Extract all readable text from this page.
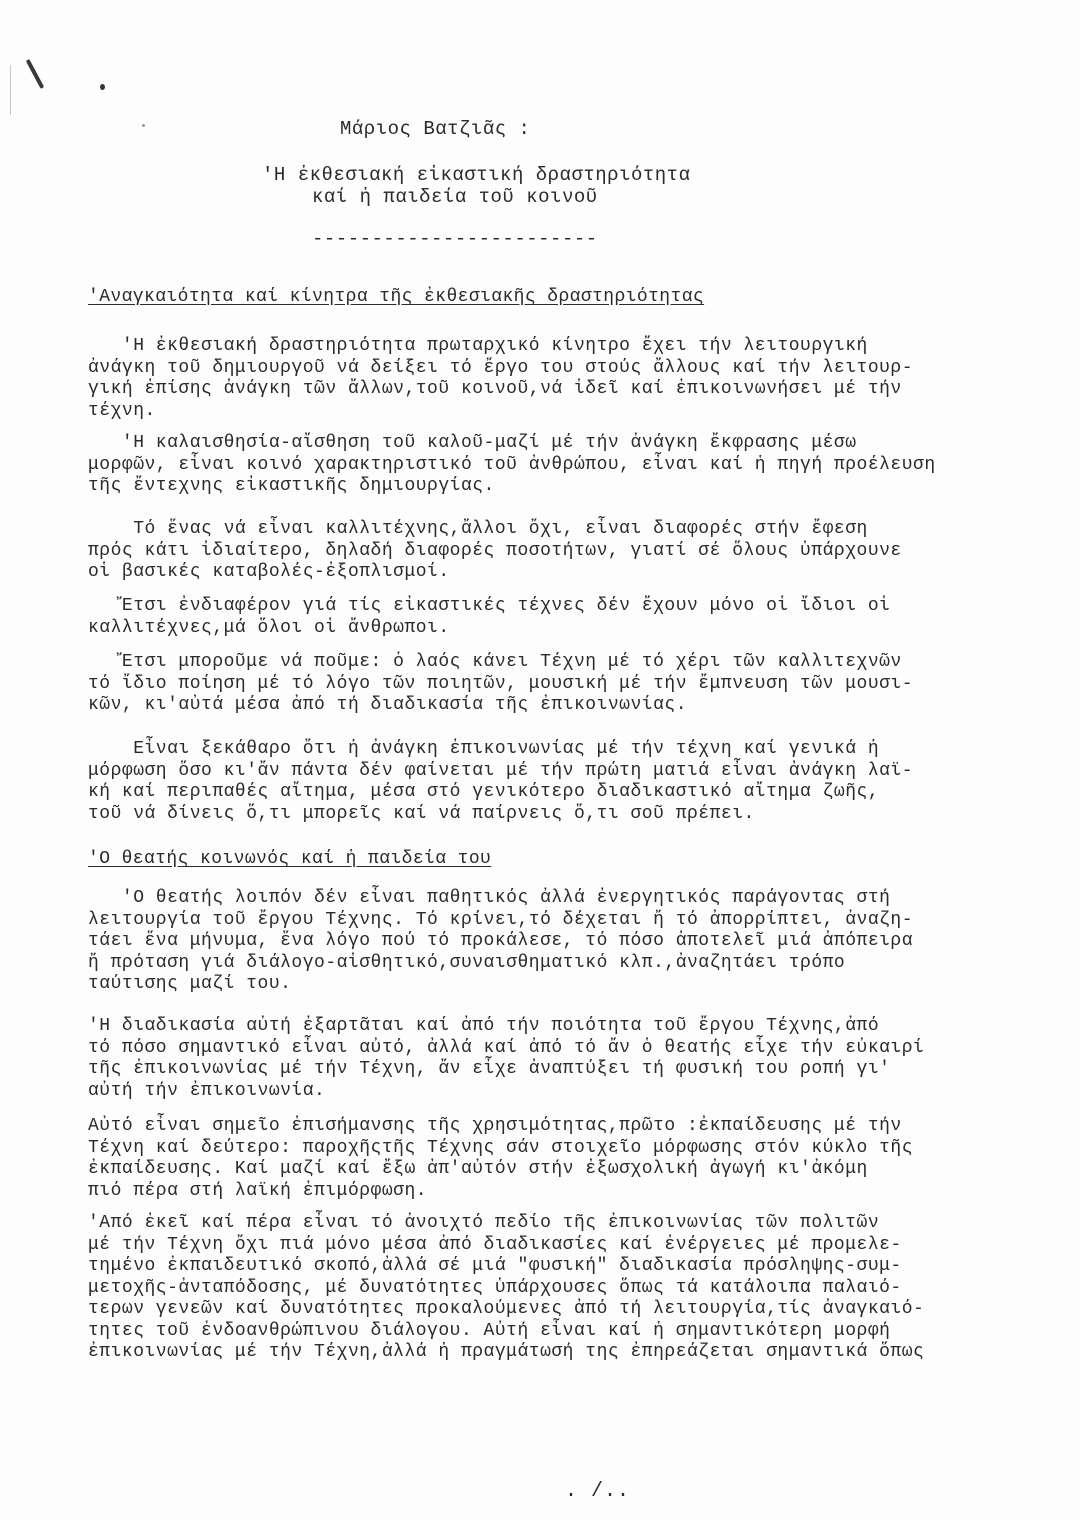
Μάριος Βατζιᾶς :
'Η ἐκθεσιακή εἰκαστική δραστηριότητα
καί ἡ παιδεία τοῦ κοινοῦ
------------------------
'Αναγκαιότητα καί κίνητρα τῆς ἐκθεσιακῆς δραστηριότητας
'Η ἐκθεσιακή δραστηριότητα πρωταρχικό κίνητρο ἔχει τήν λειτουργική
ἀνάγκη τοῦ δημιουργοῦ νά δείξει τό ἔργο του στούς ἄλλους καί τήν λειτουρ-
γική ἐπίσης ἀνάγκη τῶν ἄλλων,τοῦ κοινοῦ,νά ἰδεῖ καί ἐπικοινωνήσει μέ τήν
τέχνη.
'Η καλαισθησία-αἴσθηση τοῦ καλοῦ-μαζί μέ τήν ἀνάγκη ἔκφρασης μέσω
μορφῶν, εἶναι κοινό χαρακτηριστικό τοῦ ἀνθρώπου, εἶναι καί ἡ πηγή προέλευση
τῆς ἔντεχνης εἰκαστικῆς δημιουργίας.
Τό ἕνας νά εἶναι καλλιτέχνης,ἄλλοι ὄχι, εἶναι διαφορές στήν ἔφεση
πρός κάτι ἰδιαίτερο, δηλαδή διαφορές ποσοτήτων, γιατί σέ ὅλους ὑπάρχουνε
οἱ βασικές καταβολές-ἐξοπλισμοί.
Ἔτσι ἐνδιαφέρον γιά τίς εἰκαστικές τέχνες δέν ἔχουν μόνο οἱ ἴδιοι οἱ
καλλιτέχνες,μά ὅλοι οἱ ἄνθρωποι.
Ἔτσι μποροῦμε νά ποῦμε: ὁ λαός κάνει Τέχνη μέ τό χέρι τῶν καλλιτεχνῶν
τό ἴδιο ποίηση μέ τό λόγο τῶν ποιητῶν, μουσική μέ τήν ἔμπνευση τῶν μουσι-
κῶν, κι'αὐτά μέσα ἀπό τή διαδικασία τῆς ἐπικοινωνίας.
Εἶναι ξεκάθαρο ὅτι ἡ ἀνάγκη ἐπικοινωνίας μέ τήν τέχνη καί γενικά ἡ
μόρφωση ὅσο κι'ἄν πάντα δέν φαίνεται μέ τήν πρώτη ματιά εἶναι ἀνάγκη λαϊ-
κή καί περιπαθές αἴτημα, μέσα στό γενικότερο διαδικαστικό αἴτημα ζωῆς,
τοῦ νά δίνεις ὅ,τι μπορεῖς καί νά παίρνεις ὅ,τι σοῦ πρέπει.
'Ο θεατής κοινωνός καί ἡ παιδεία του
'Ο θεατής λοιπόν δέν εἶναι παθητικός ἀλλά ἐνεργητικός παράγοντας στή
λειτουργία τοῦ ἔργου Τέχνης. Τό κρίνει,τό δέχεται ἤ τό ἀπορρίπτει, ἀναζη-
τάει ἕνα μήνυμα, ἕνα λόγο πού τό προκάλεσε, τό πόσο ἀποτελεῖ μιά ἀπόπειρα
ἤ πρόταση γιά διάλογο-αἰσθητικό,συναισθηματικό κλπ.,ἀναζητάει τρόπο
ταύτισης μαζί του.
'Η διαδικασία αὐτή ἐξαρτᾶται καί ἀπό τήν ποιότητα τοῦ ἔργου Τέχνης,ἀπό
τό πόσο σημαντικό εἶναι αὐτό, ἀλλά καί ἀπό τό ἄν ὁ θεατής εἶχε τήν εὐκαιρί
τῆς ἐπικοινωνίας μέ τήν Τέχνη, ἄν εἶχε ἀναπτύξει τή φυσική του ροπή γι'
αὐτή τήν ἐπικοινωνία.
Αὐτό εἶναι σημεῖο ἐπισήμανσης τῆς χρησιμότητας,πρῶτο :ἐκπαίδευσης μέ τήν
Τέχνη καί δεύτερο: παροχῆςτῆς Τέχνης σάν στοιχεῖο μόρφωσης στόν κύκλο τῆς
ἐκπαίδευσης. Καί μαζί καί ἔξω ἀπ'αὐτόν στήν ἐξωσχολική ἀγωγή κι'ἀκόμη
πιό πέρα στή λαϊκή ἐπιμόρφωση.
'Από ἐκεῖ καί πέρα εἶναι τό ἀνοιχτό πεδίο τῆς ἐπικοινωνίας τῶν πολιτῶν
μέ τήν Τέχνη ὄχι πιά μόνο μέσα ἀπό διαδικασίες καί ἐνέργειες μέ προμελε-
τημένο ἐκπαιδευτικό σκοπό,ἀλλά σέ μιά "φυσική" διαδικασία πρόσληψης-συμ-
μετοχῆς-ἀνταπόδοσης, μέ δυνατότητες ὑπάρχουσες ὅπως τά κατάλοιπα παλαιό-
τερων γενεῶν καί δυνατότητες προκαλούμενες ἀπό τή λειτουργία,τίς ἀναγκαιό-
τητες τοῦ ἐνδοανθρώπινου διάλογου. Αὐτή εἶναι καί ἡ σημαντικότερη μορφή
ἐπικοινωνίας μέ τήν Τέχνη,ἀλλά ἡ πραγμάτωσή της ἐπηρεάζεται σημαντικά ὅπως
. /..
